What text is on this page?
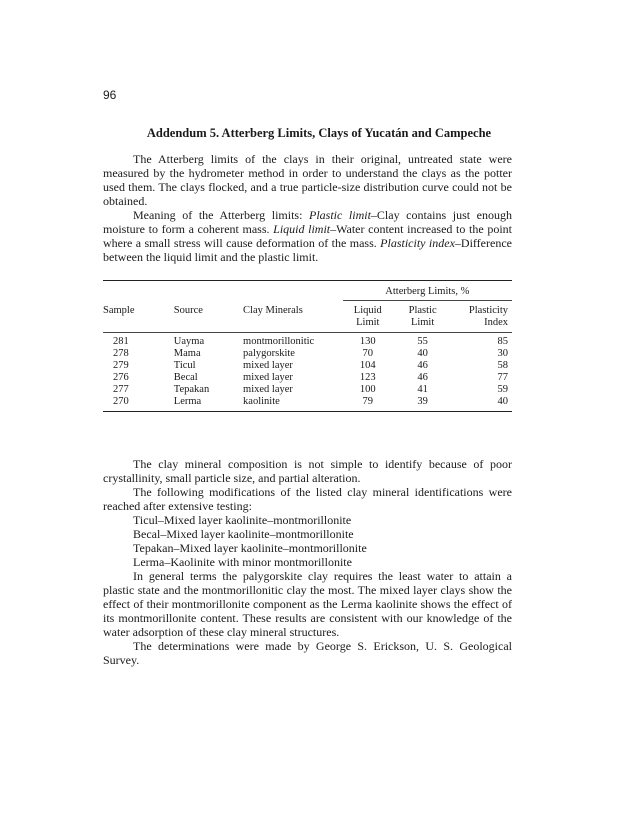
96
Addendum 5. Atterberg Limits, Clays of Yucatán and Campeche

The Atterberg limits of the clays in their original, untreated state were measured by the hydrometer method in order to understand the clays as the potter used them. The clays flocked, and a true particle-size distribution curve could not be obtained.

Meaning of the Atterberg limits: Plastic limit–Clay contains just enough moisture to form a coherent mass. Liquid limit–Water content increased to the point where a small stress will cause deformation of the mass. Plasticity index–Difference between the liquid limit and the plastic limit.

			Atterberg Limits, %		
Sample	Source	Clay Minerals	Liquid	Plastic	Plasticity
			Limit	Limit	Index
281	Uayma	montmorillonitic	130	55	85
278	Mama	palygorskite	70	40	30
279	Ticul	mixed layer	104	46	58
276	Becal	mixed layer	123	46	77
277	Tepakan	mixed layer	100	41	59
270	Lerma	kaolinite	79	39	40

The clay mineral composition is not simple to identify because of poor crystallinity, small particle size, and partial alteration.

The following modifications of the listed clay mineral identifications were reached after extensive testing:

Ticul–Mixed layer kaolinite–montmorillonite

Becal–Mixed layer kaolinite–montmorillonite

Tepakan–Mixed layer kaolinite–montmorillonite

Lerma–Kaolinite with minor montmorillonite

In general terms the palygorskite clay requires the least water to attain a plastic state and the montmorillonitic clay the most. The mixed layer clays show the effect of their montmorillonite component as the Lerma kaolinite shows the effect of its montmorillonite content. These results are consistent with our knowledge of the water adsorption of these clay mineral structures.

The determinations were made by George S. Erickson, U. S. Geological Survey.
